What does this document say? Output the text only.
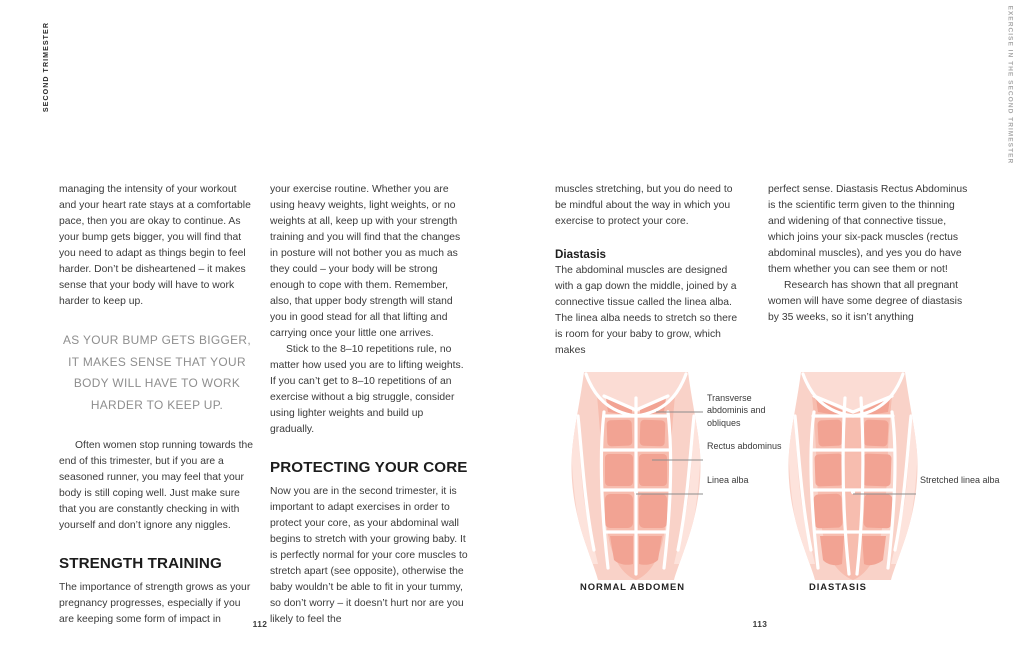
SECOND TRIMESTER	EXERCISE IN THE SECOND TRIMESTER

managing the intensity of your workout and your heart rate stays at a comfortable pace, then you are okay to continue. As your bump gets bigger, you will find that you need to adapt as things begin to feel harder. Don’t be disheartened – it makes sense that your body will have to work harder to keep up.

AS YOUR BUMP GETS BIGGER,
IT MAKES SENSE THAT YOUR
BODY WILL HAVE TO WORK
HARDER TO KEEP UP.

Often women stop running towards the end of this trimester, but if you are a seasoned runner, you may feel that your body is still coping well. Just make sure that you are constantly checking in with yourself and don’t ignore any niggles.

STRENGTH TRAINING

The importance of strength grows as your pregnancy progresses, especially if you are keeping some form of impact in

your exercise routine. Whether you are using heavy weights, light weights, or no weights at all, keep up with your strength training and you will find that the changes in posture will not bother you as much as they could – your body will be strong enough to cope with them. Remember, also, that upper body strength will stand you in good stead for all that lifting and carrying once your little one arrives.

Stick to the 8–10 repetitions rule, no matter how used you are to lifting weights. If you can’t get to 8–10 repetitions of an exercise without a big struggle, consider using lighter weights and build up gradually.

PROTECTING YOUR CORE

Now you are in the second trimester, it is important to adapt exercises in order to protect your core, as your abdominal wall begins to stretch with your growing baby. It is perfectly normal for your core muscles to stretch apart (see opposite), otherwise the baby wouldn’t be able to fit in your tummy, so don’t worry – it doesn’t hurt nor are you likely to feel the

muscles stretching, but you do need to be mindful about the way in which you exercise to protect your core.

Diastasis

The abdominal muscles are designed with a gap down the middle, joined by a connective tissue called the linea alba. The linea alba needs to stretch so there is room for your baby to grow, which makes

perfect sense. Diastasis Rectus Abdominus is the scientific term given to the thinning and widening of that connective tissue, which joins your six-pack muscles (rectus abdominal muscles), and yes you do have them whether you can see them or not!

Research has shown that all pregnant women will have some degree of diastasis by 35 weeks, so it isn’t anything

Transverse abdominis and obliques
Rectus abdominus
Linea alba	Stretched linea alba
NORMAL ABDOMEN	DIASTASIS
112	113
